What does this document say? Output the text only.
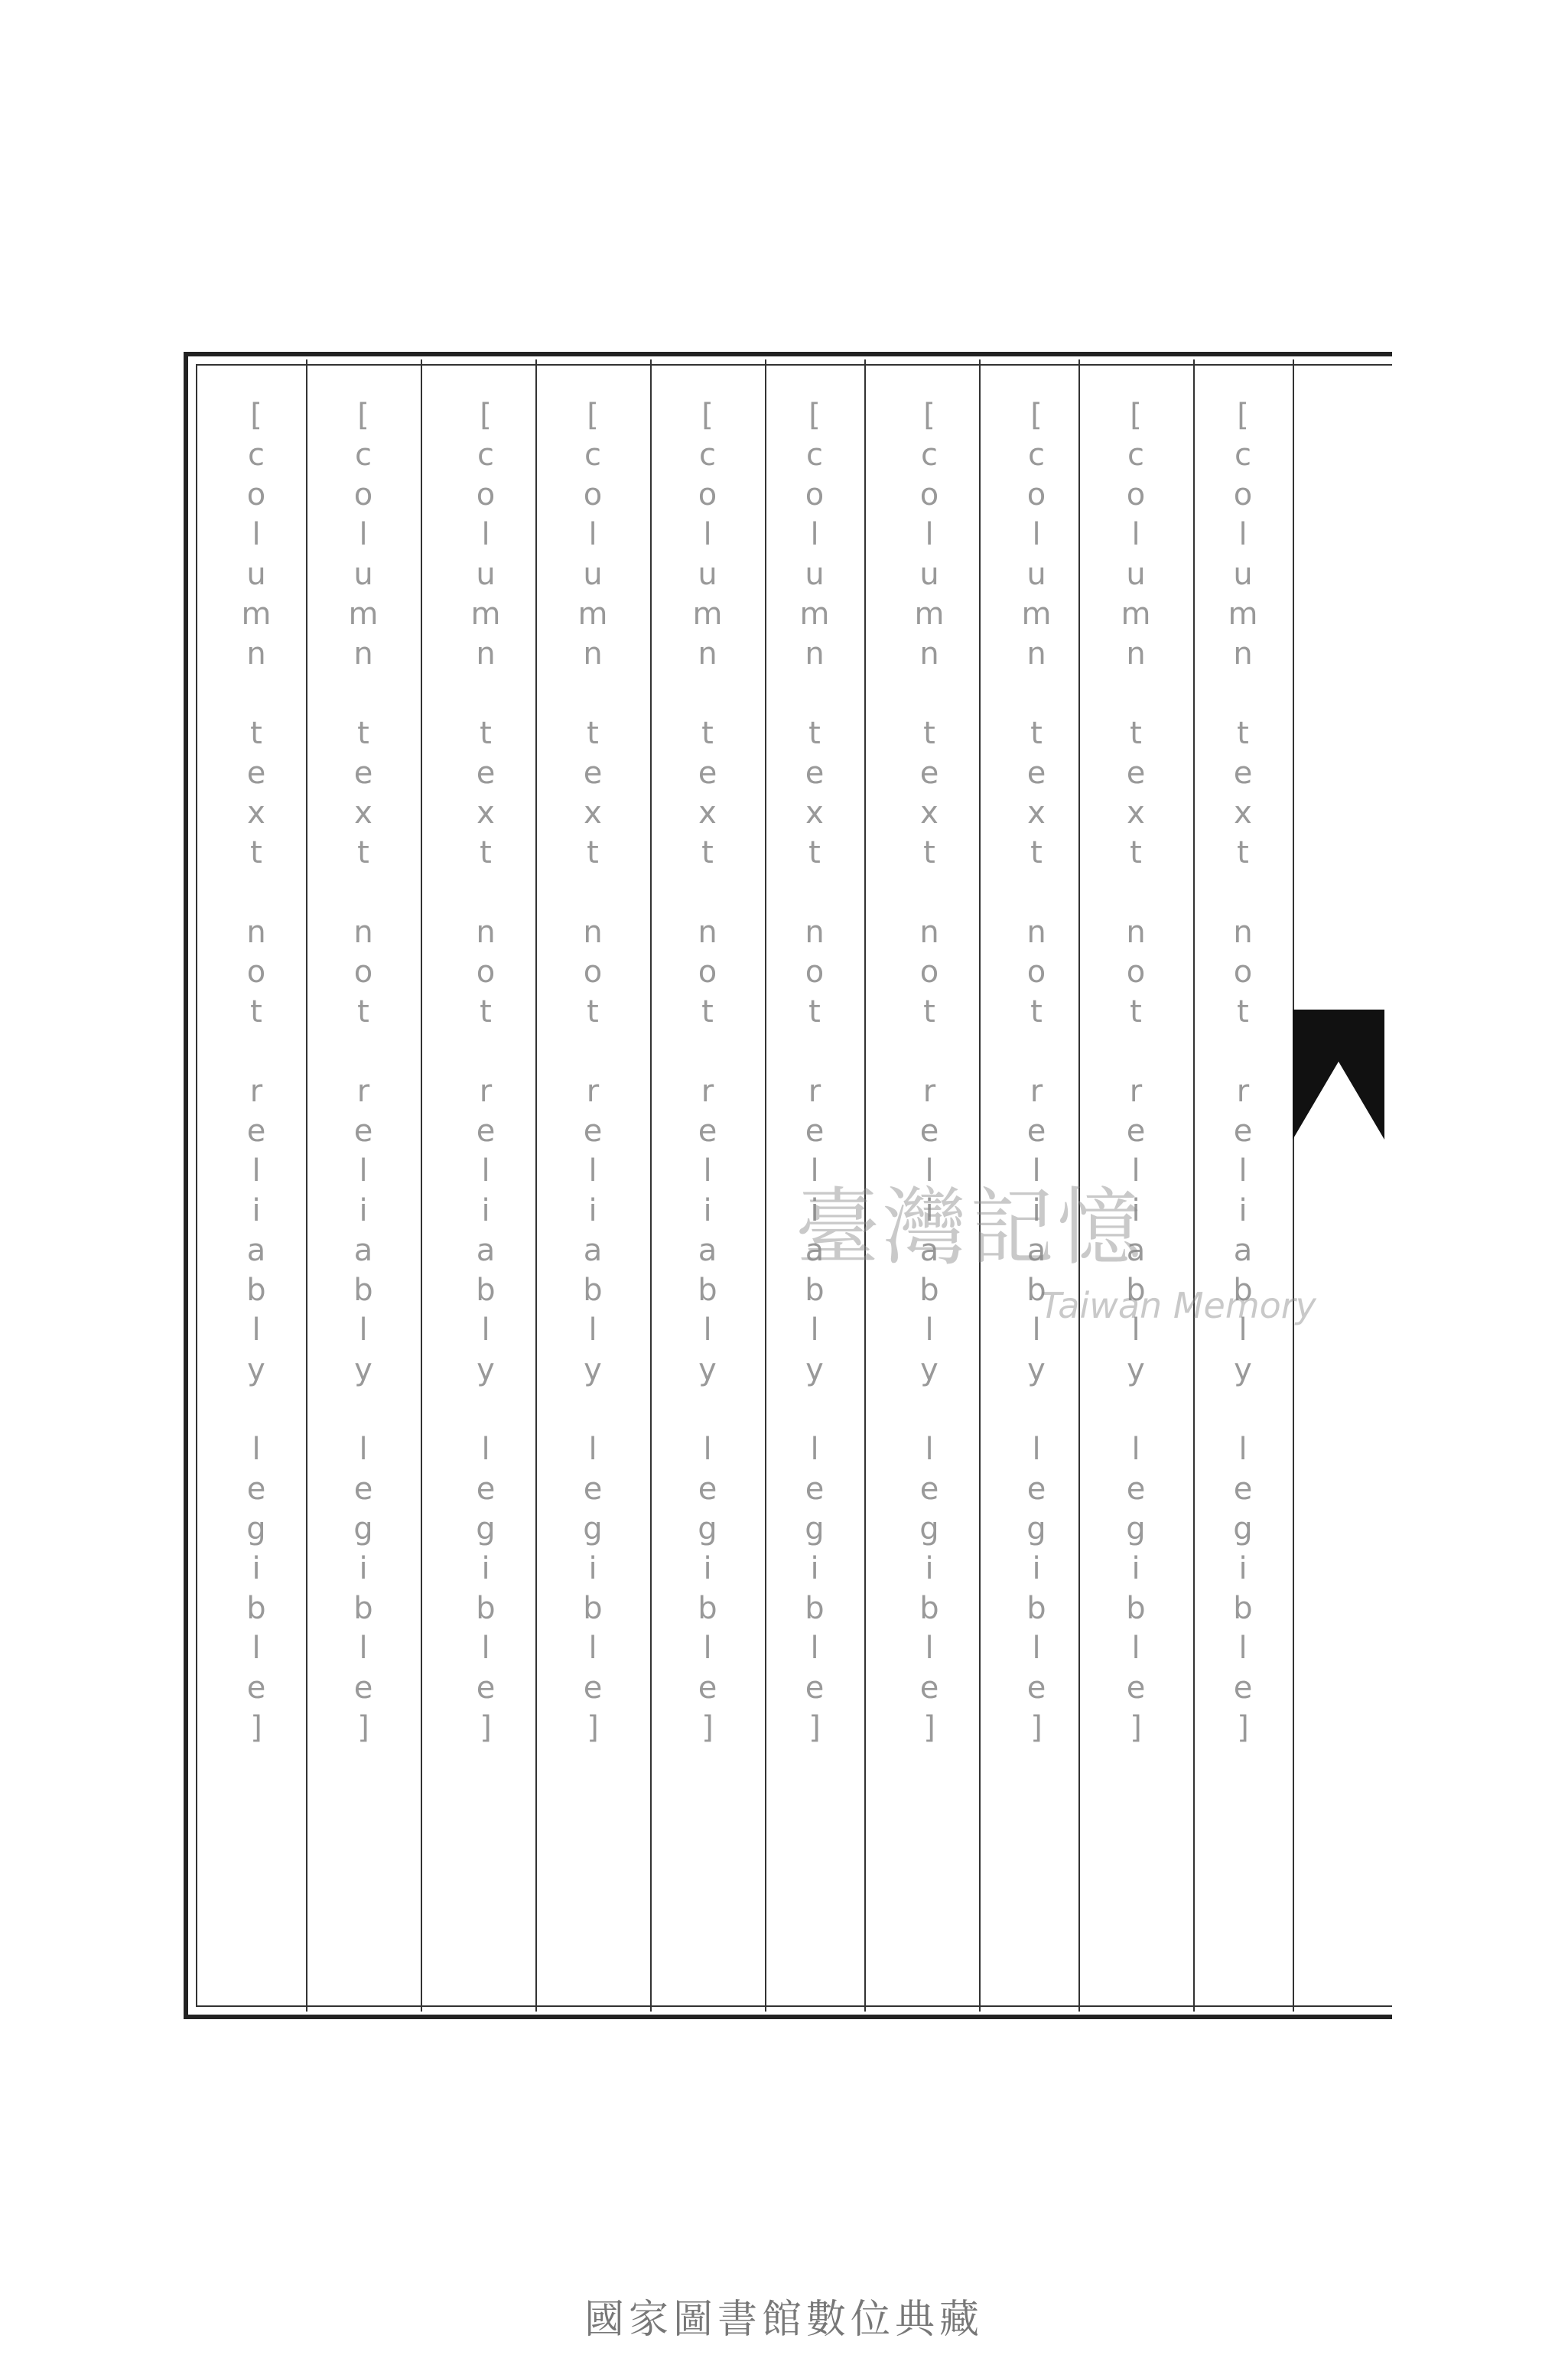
[column text not reliably legible]
[column text not reliably legible]
[column text not reliably legible]
[column text not reliably legible]
[column text not reliably legible]
[column text not reliably legible]
[column text not reliably legible]
[column text not reliably legible]
[column text not reliably legible]
[column text not reliably legible]	臺灣記憶
Taiwan Memory
國家圖書館數位典藏
